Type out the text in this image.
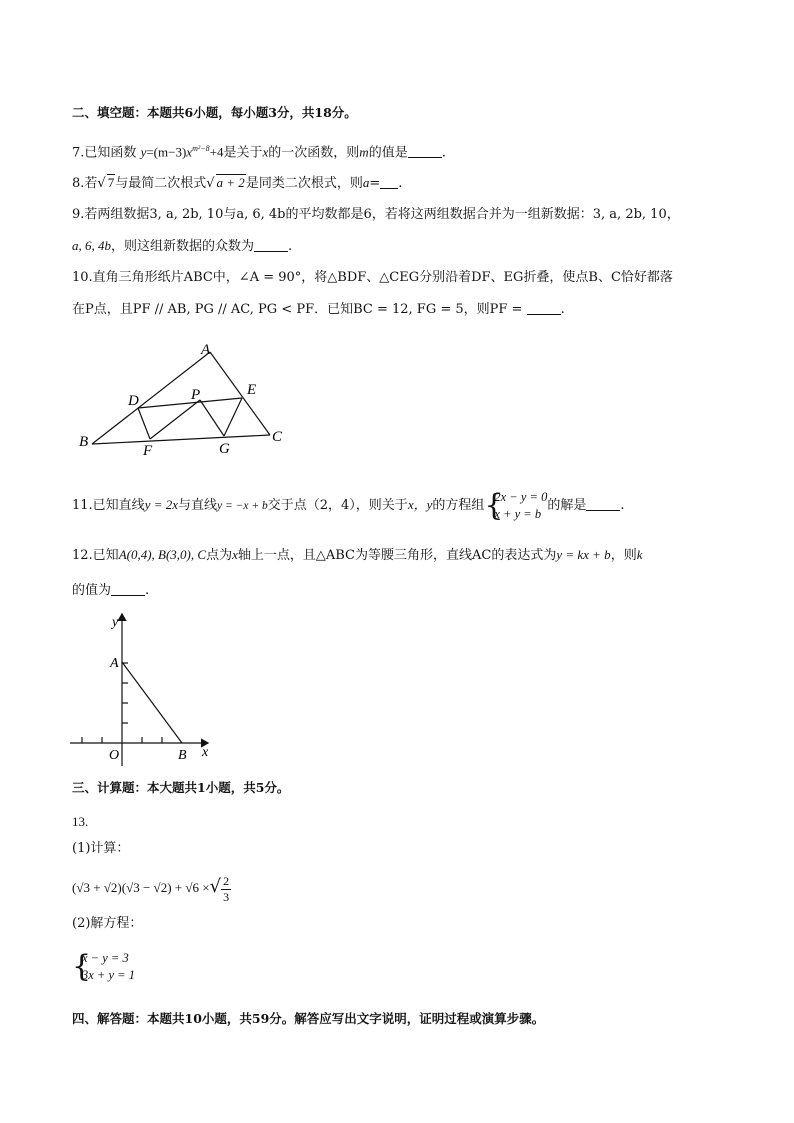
二、填空题：本题共6小题，每小题3分，共18分。
7.已知函数 $y=(m-3)x^{m^2-8}+4$是关于x的一次函数，则m的值是	.
8.若√ 7与最简二次根式√ a + 2是同类二次根式，则a= .
9.若两组数据3, a, 2b, 10与a, 6, 4b的平均数都是6，若将这两组数据合并为一组新数据：3, a, 2b, 10，
a, 6, 4b，则这组新数据的众数为	.
10.直角三角形纸片ABC中，∠A = 90°，将△BDF、△CEG分别沿着DF、EG折叠，使点B、C恰好都落
在P点，且PF // AB, PG // AC, PG < PF．已知BC = 12, FG = 5，则PF =	.
A
B	C
D
E
F	G
P
11.已知直线y = 2x与直线y = −x + b交于点（2，4），则关于x，y的方程组 {
2x − y = 0
x + y = b
的解是	.
12.已知A(0,4), B(3,0), C点为x轴上一点，且△ABC为等腰三角形，直线AC的表达式为y = kx + b，则k
的值为	.
y
x
A
B
O
三、计算题：本大题共1小题，共5分。
13.
(1)计算：
(√3 + √2)(√3 − √2) + √6 ×√ $\frac{2}{3}$
(2)解方程：
{
x − y = 3
3x + y = 1
四、解答题：本题共10小题，共59分。解答应写出文字说明，证明过程或演算步骤。
